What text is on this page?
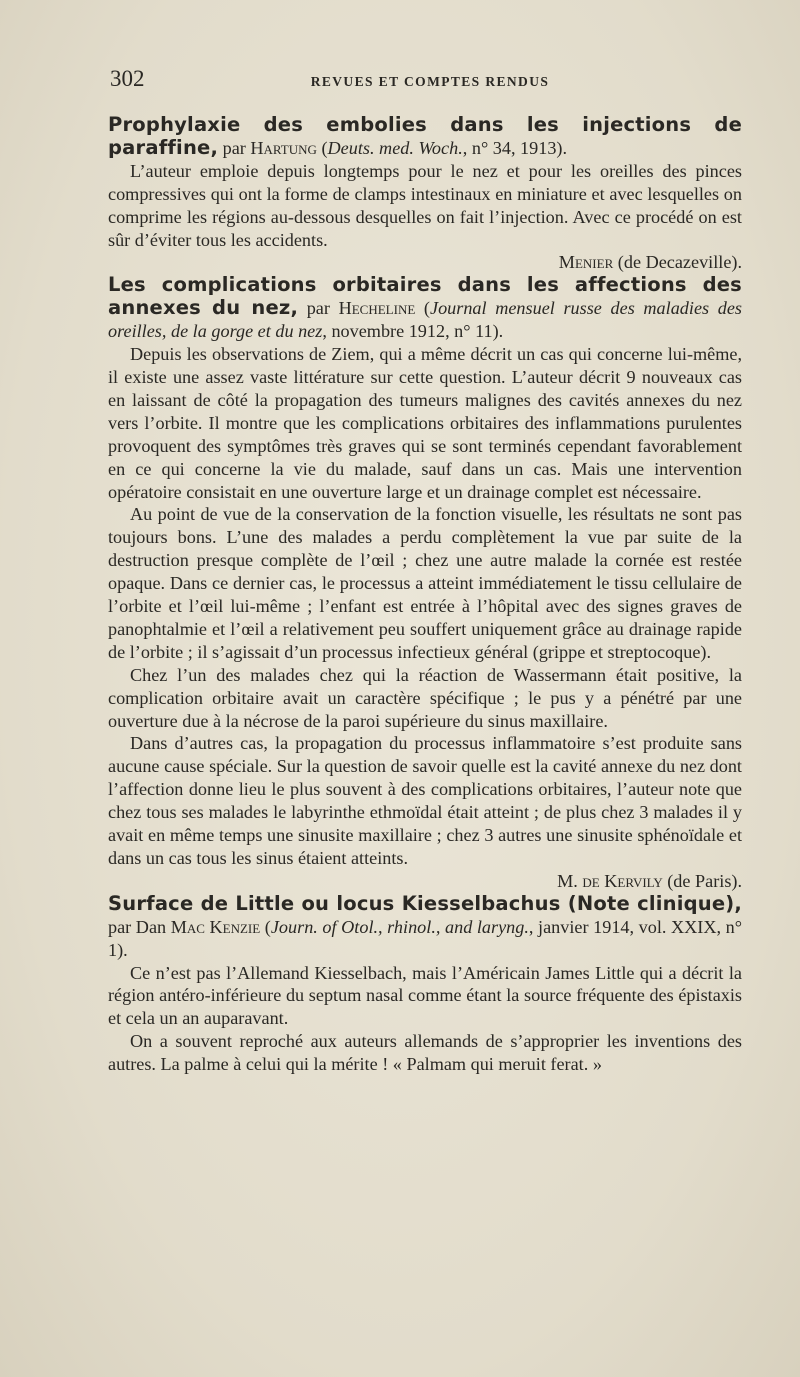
302	REVUES ET COMPTES RENDUS

Prophylaxie des embolies dans les injections de paraffine, par Hartung (Deuts. med. Woch., n° 34, 1913).

L’auteur emploie depuis longtemps pour le nez et pour les oreilles des pinces compressives qui ont la forme de clamps intestinaux en miniature et avec lesquelles on comprime les régions au-dessous desquelles on fait l’injection. Avec ce procédé on est sûr d’éviter tous les accidents.

Menier (de Decazeville).

Les complications orbitaires dans les affections des annexes du nez, par Hecheline (Journal mensuel russe des maladies des oreilles, de la gorge et du nez, novembre 1912, n° 11).

Depuis les observations de Ziem, qui a même décrit un cas qui concerne lui-même, il existe une assez vaste littérature sur cette question. L’auteur décrit 9 nouveaux cas en laissant de côté la propagation des tumeurs malignes des cavités annexes du nez vers l’orbite. Il montre que les complications orbitaires des inflammations purulentes provoquent des symptômes très graves qui se sont terminés cependant favorablement en ce qui concerne la vie du malade, sauf dans un cas. Mais une intervention opératoire consistait en une ouverture large et un drainage complet est nécessaire.

Au point de vue de la conservation de la fonction visuelle, les résultats ne sont pas toujours bons. L’une des malades a perdu complètement la vue par suite de la destruction presque complète de l’œil ; chez une autre malade la cornée est restée opaque. Dans ce dernier cas, le processus a atteint immédiatement le tissu cellulaire de l’orbite et l’œil lui-même ; l’enfant est entrée à l’hôpital avec des signes graves de panophtalmie et l’œil a relativement peu souffert uniquement grâce au drainage rapide de l’orbite ; il s’agissait d’un processus infectieux général (grippe et streptocoque).

Chez l’un des malades chez qui la réaction de Wassermann était positive, la complication orbitaire avait un caractère spécifique ; le pus y a pénétré par une ouverture due à la nécrose de la paroi supérieure du sinus maxillaire.

Dans d’autres cas, la propagation du processus inflammatoire s’est produite sans aucune cause spéciale. Sur la question de savoir quelle est la cavité annexe du nez dont l’affection donne lieu le plus souvent à des complications orbitaires, l’auteur note que chez tous ses malades le labyrinthe ethmoïdal était atteint ; de plus chez 3 malades il y avait en même temps une sinusite maxillaire ; chez 3 autres une sinusite sphénoïdale et dans un cas tous les sinus étaient atteints.

M. de Kervily (de Paris).

Surface de Little ou locus Kiesselbachus (Note clinique), par Dan Mac Kenzie (Journ. of Otol., rhinol., and laryng., janvier 1914, vol. XXIX, n° 1).

Ce n’est pas l’Allemand Kiesselbach, mais l’Américain James Little qui a décrit la région antéro-inférieure du septum nasal comme étant la source fréquente des épistaxis et cela un an auparavant.

On a souvent reproché aux auteurs allemands de s’approprier les inventions des autres. La palme à celui qui la mérite ! « Palmam qui meruit ferat. »
